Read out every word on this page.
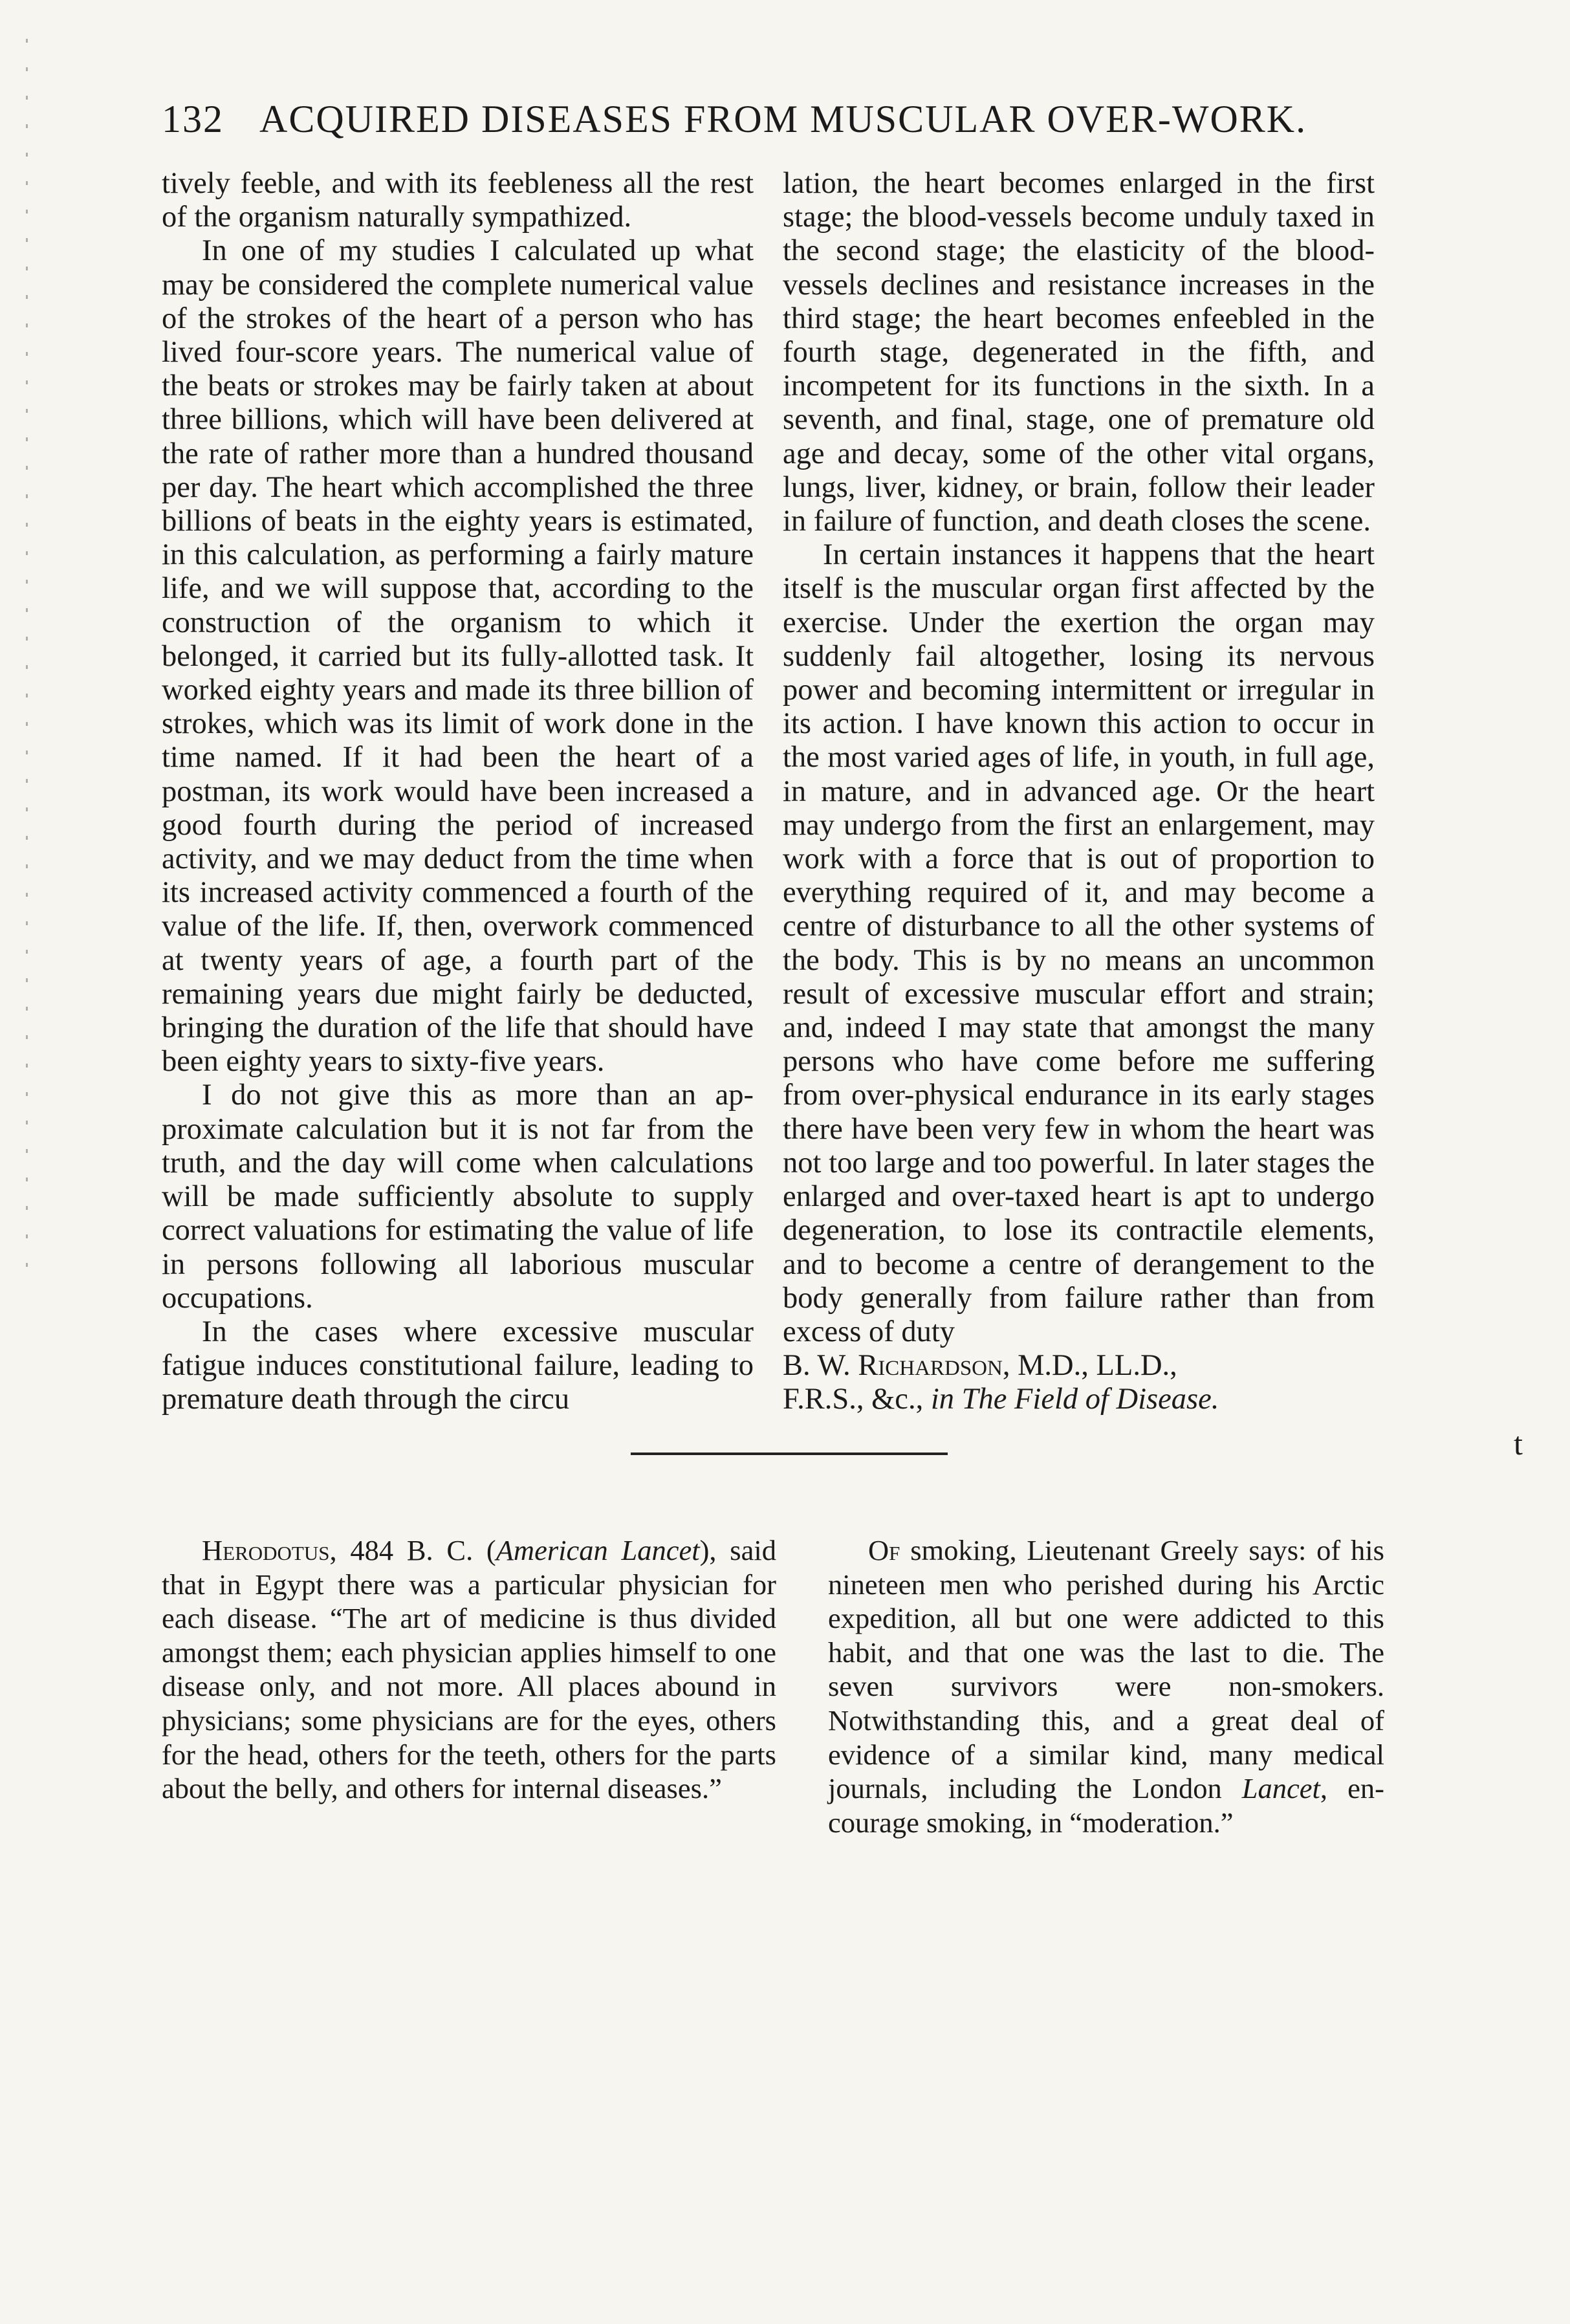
132 ACQUIRED DISEASES FROM MUSCULAR OVER-WORK.

tively feeble, and with its feebleness all the rest of the organism naturally sympathized.

In one of my studies I calculated up what may be considered the complete numerical value of the strokes of the heart of a person who has lived four-score years. The numerical value of the beats or strokes may be fairly taken at about three billions, which will have been delivered at the rate of rather more than a hundred thousand per day. The heart which accomplished the three billions of beats in the eighty years is estimated, in this calculation, as performing a fairly mature life, and we will suppose that, according to the construction of the organism to which it belonged, it carried but its fully-allotted task. It worked eighty years and made its three billion of strokes, which was its limit of work done in the time named. If it had been the heart of a postman, its work would have been increased a good fourth during the period of increased activity, and we may deduct from the time when its increased activity commenced a fourth of the value of the life. If, then, overwork commenced at twenty years of age, a fourth part of the remaining years due might fairly be deducted, bringing the duration of the life that should have been eighty years to sixty-five years.

I do not give this as more than an approximate calculation but it is not far from the truth, and the day will come when calculations will be made sufficiently absolute to supply correct valuations for estimating the value of life in persons following all laborious muscular occupations.

In the cases where excessive muscular fatigue induces constitutional failure, leading to premature death through the circu

lation, the heart becomes enlarged in the first stage; the blood-vessels become unduly taxed in the second stage; the elasticity of the blood-vessels declines and resistance increases in the third stage; the heart becomes enfeebled in the fourth stage, degenerated in the fifth, and incompetent for its functions in the sixth. In a seventh, and final, stage, one of premature old age and decay, some of the other vital organs, lungs, liver, kidney, or brain, follow their leader in failure of function, and death closes the scene.

In certain instances it happens that the heart itself is the muscular organ first affected by the exercise. Under the exertion the organ may suddenly fail altogether, losing its nervous power and becoming intermittent or irregular in its action. I have known this action to occur in the most varied ages of life, in youth, in full age, in mature, and in advanced age. Or the heart may undergo from the first an enlargement, may work with a force that is out of proportion to everything required of it, and may become a centre of disturbance to all the other systems of the body. This is by no means an uncommon result of excessive muscular effort and strain; and, indeed I may state that amongst the many persons who have come before me suffering from over-physical endurance in its early stages there have been very few in whom the heart was not too large and too powerful. In later stages the enlarged and over-taxed heart is apt to undergo degeneration, to lose its contractile elements, and to become a centre of derangement to the body generally from failure rather than from excess of duty

B. W. Richardson, M.D., LL.D.,

F.R.S., &c., in The Field of Disease.

t

Herodotus, 484 B. C. (American Lancet), said that in Egypt there was a particular physician for each disease. “The art of medicine is thus divided amongst them; each physician applies himself to one disease only, and not more. All places abound in physicians; some physicians are for the eyes, others for the head, others for the teeth, others for the parts about the belly, and others for internal diseases.”

Of smoking, Lieutenant Greely says: of his nineteen men who perished during his Arctic expedition, all but one were addicted to this habit, and that one was the last to die. The seven survivors were non-smokers. Notwithstanding this, and a great deal of evidence of a similar kind, many medical journals, including the London Lancet, encourage smoking, in “moderation.”
